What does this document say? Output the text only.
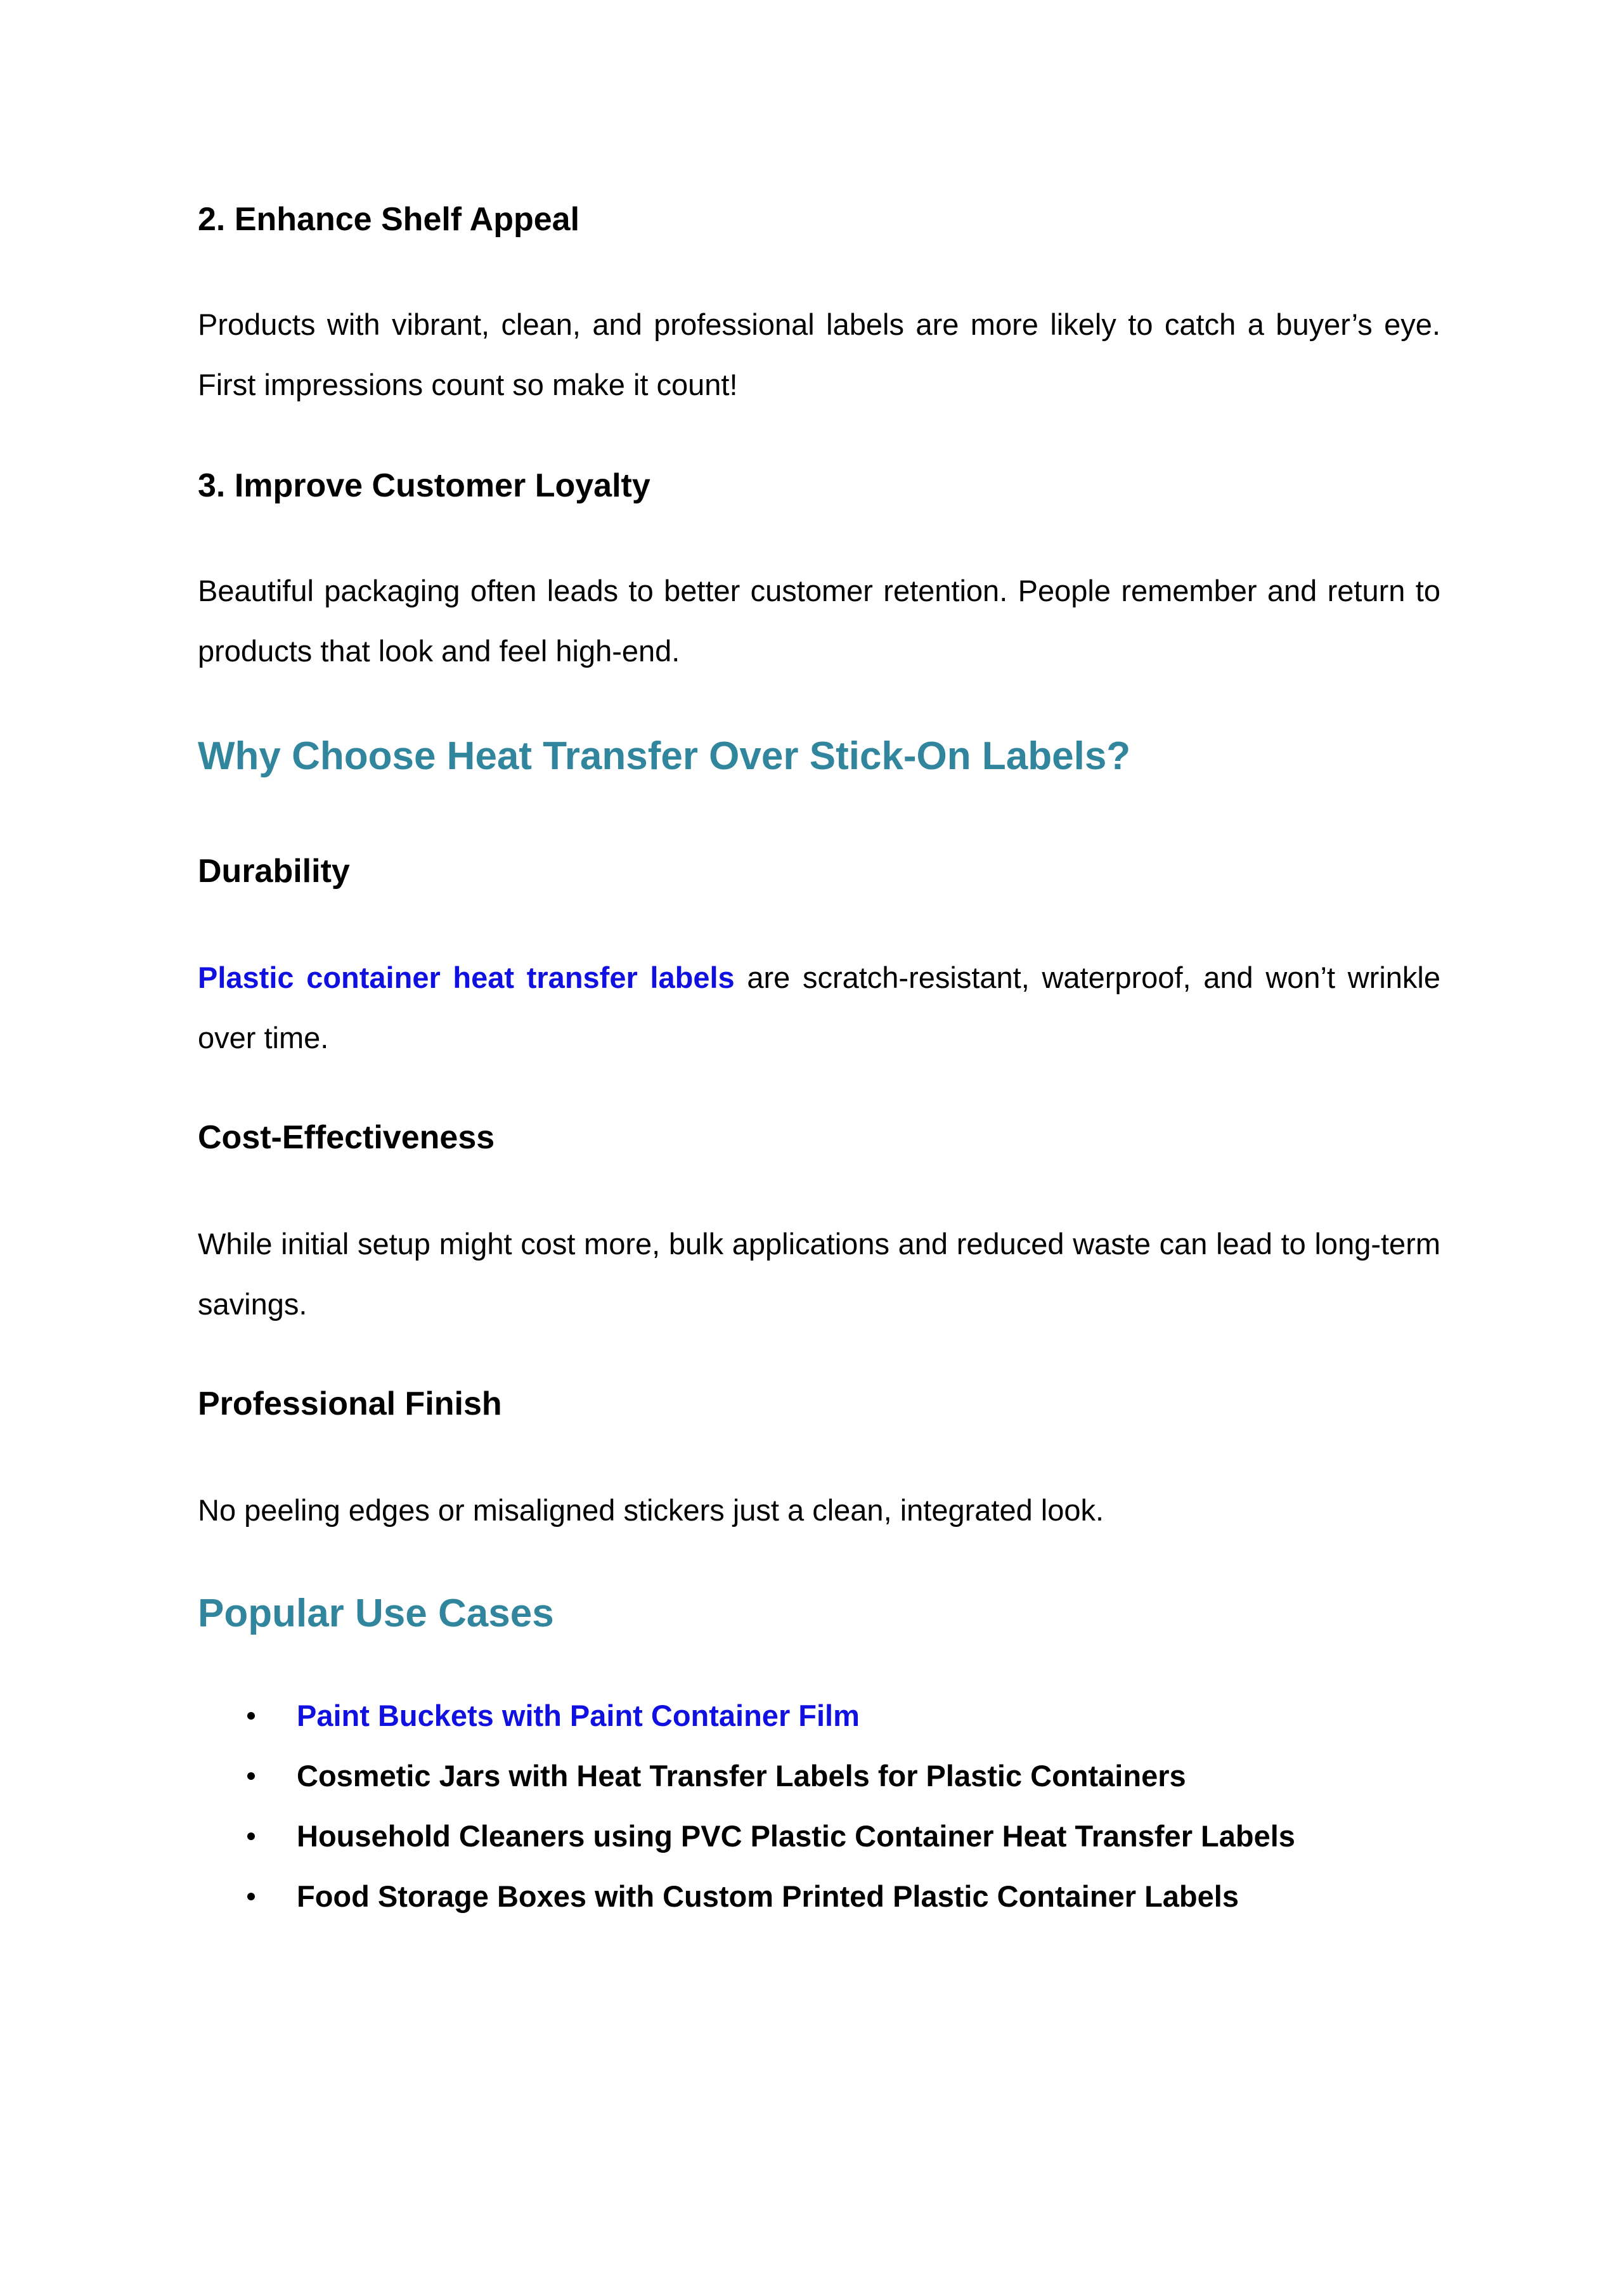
2. Enhance Shelf Appeal

Products with vibrant, clean, and professional labels are more likely to catch a buyer’s eye. First impressions count so make it count!

3. Improve Customer Loyalty

Beautiful packaging often leads to better customer retention. People remember and return to products that look and feel high-end.

Why Choose Heat Transfer Over Stick-On Labels?
Durability

Plastic container heat transfer labels are scratch-resistant, waterproof, and won’t wrinkle over time.

Cost-Effectiveness

While initial setup might cost more, bulk applications and reduced waste can lead to long-term savings.

Professional Finish

No peeling edges or misaligned stickers just a clean, integrated look.

Popular Use Cases
Paint Buckets with Paint Container Film
Cosmetic Jars with Heat Transfer Labels for Plastic Containers
Household Cleaners using PVC Plastic Container Heat Transfer Labels
Food Storage Boxes with Custom Printed Plastic Container Labels
